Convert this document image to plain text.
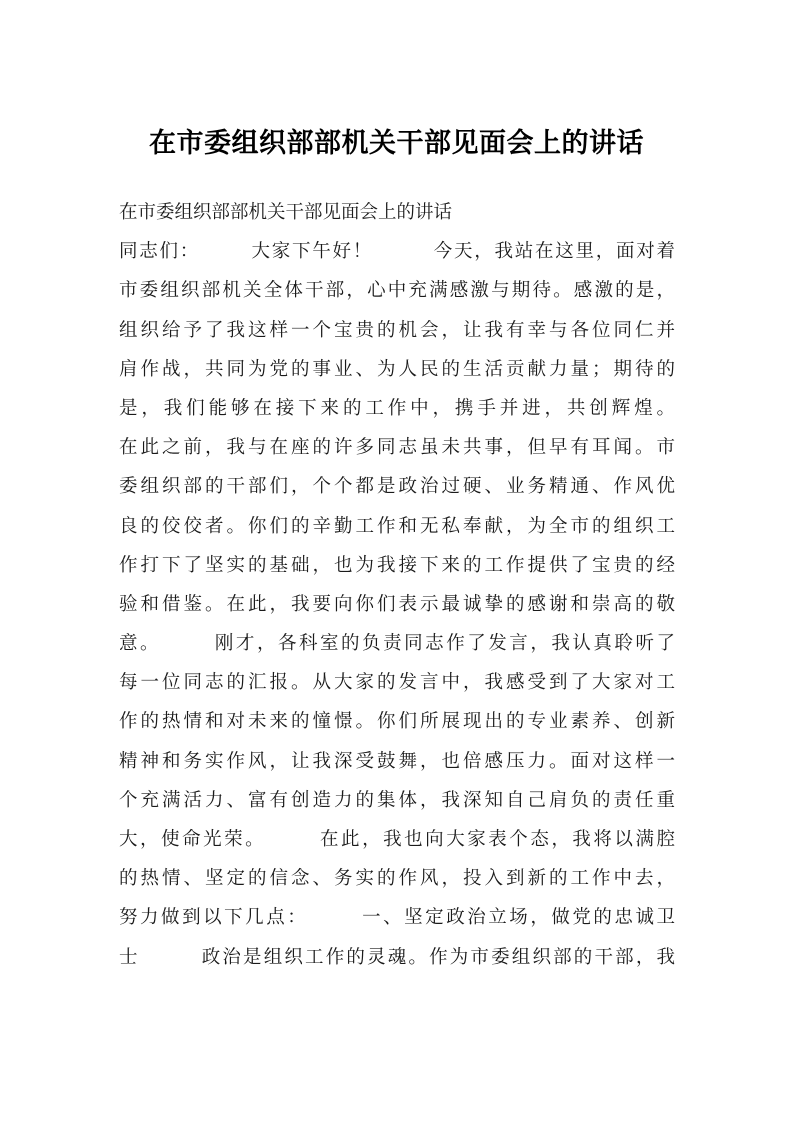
在市委组织部部机关干部见面会上的讲话
在市委组织部部机关干部见面会上的讲话
同志们：　　　大家下午好！　　　今天，我站在这里，面对着
市委组织部机关全体干部，心中充满感激与期待。感激的是，
组织给予了我这样一个宝贵的机会，让我有幸与各位同仁并
肩作战，共同为党的事业、为人民的生活贡献力量；期待的
是，我们能够在接下来的工作中，携手并进，共创辉煌。
在此之前，我与在座的许多同志虽未共事，但早有耳闻。市
委组织部的干部们，个个都是政治过硬、业务精通、作风优
良的佼佼者。你们的辛勤工作和无私奉献，为全市的组织工
作打下了坚实的基础，也为我接下来的工作提供了宝贵的经
验和借鉴。在此，我要向你们表示最诚挚的感谢和崇高的敬
意。　　　刚才，各科室的负责同志作了发言，我认真聆听了
每一位同志的汇报。从大家的发言中，我感受到了大家对工
作的热情和对未来的憧憬。你们所展现出的专业素养、创新
精神和务实作风，让我深受鼓舞，也倍感压力。面对这样一
个充满活力、富有创造力的集体，我深知自己肩负的责任重
大，使命光荣。　　　在此，我也向大家表个态，我将以满腔
的热情、坚定的信念、务实的作风，投入到新的工作中去，
努力做到以下几点：　　　一、坚定政治立场，做党的忠诚卫
士　　　政治是组织工作的灵魂。作为市委组织部的干部，我
